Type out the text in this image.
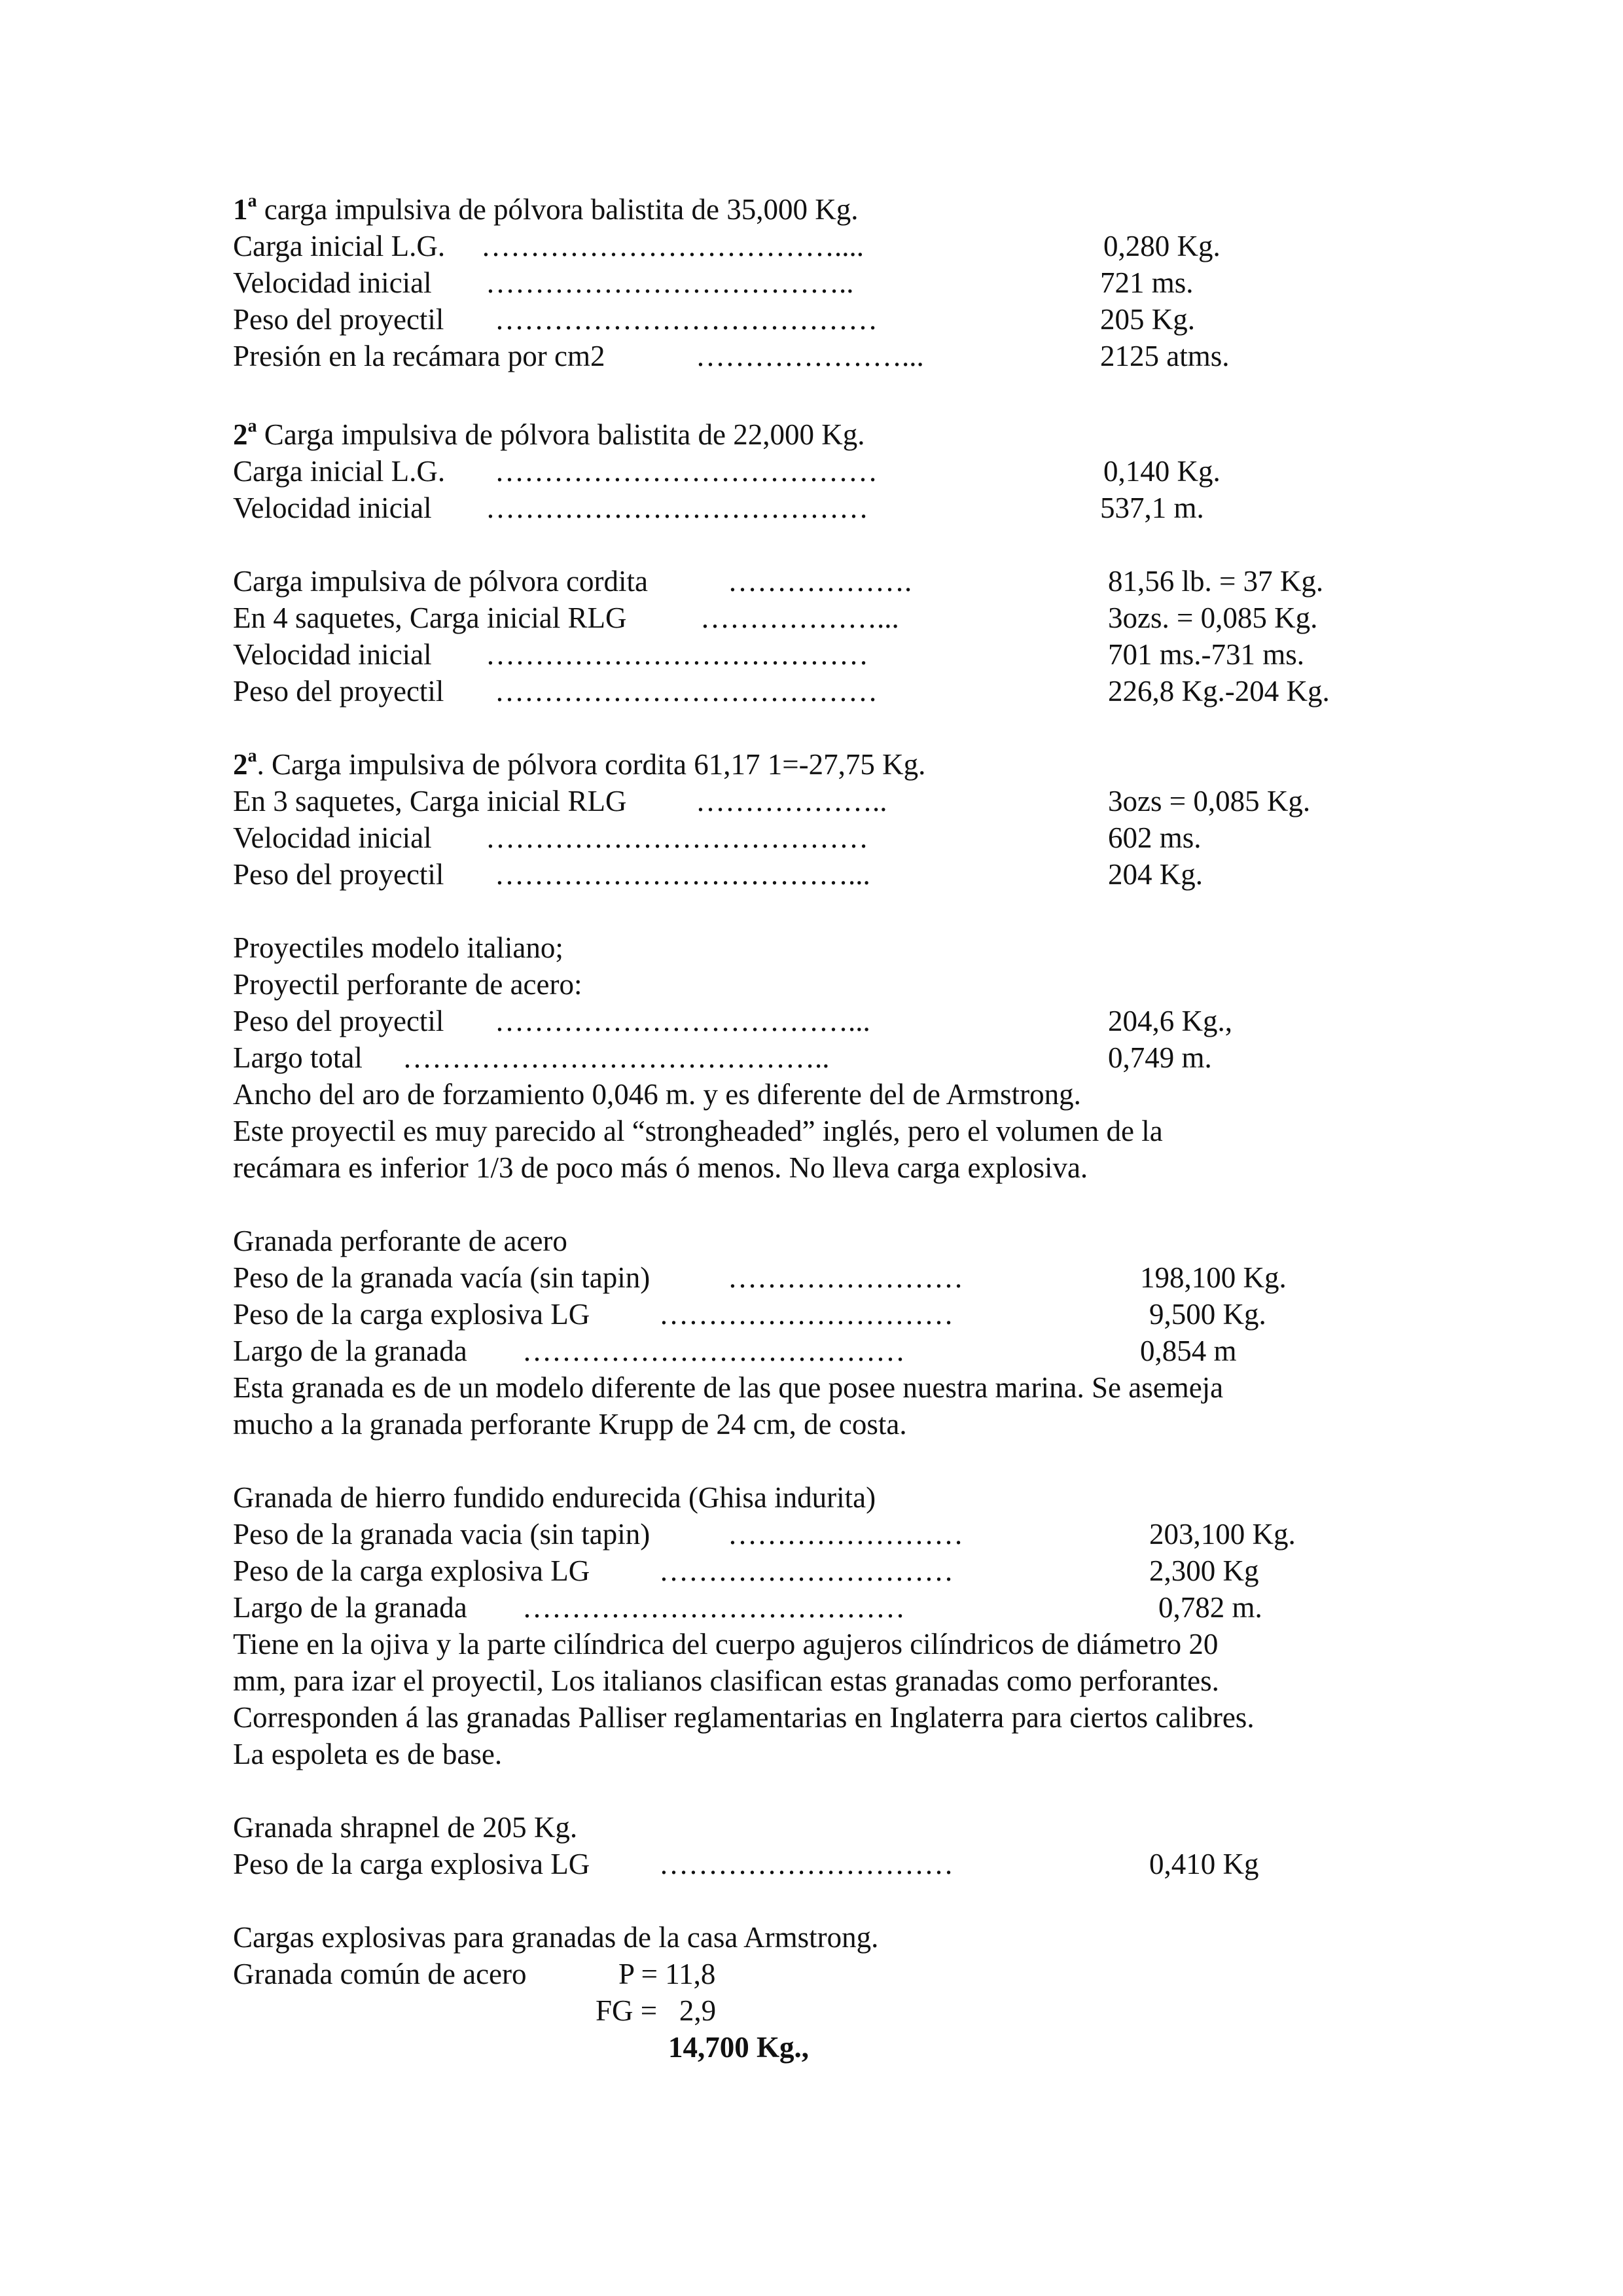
1$^a$ carga impulsiva de pólvora balistita de 35,000 Kg.
Carga inicial L.G. ………………………………....	0,280 Kg.
Velocidad inicial ………………………………..	721 ms.
Peso del proyectil …………………………………	205 Kg.
Presión en la recámara por cm2	…………………...	2125 atms.
2$^a$ Carga impulsiva de pólvora balistita de 22,000 Kg.
Carga inicial L.G. …………………………………	0,140 Kg.
Velocidad inicial …………………………………	537,1 m.
Carga impulsiva de pólvora cordita	……………….	81,56 lb. = 37 Kg.
En 4 saquetes, Carga inicial RLG ………………...	3ozs. = 0,085 Kg.
Velocidad inicial …………………………………	701 ms.-731 ms.
Peso del proyectil …………………………………	226,8 Kg.-204 Kg.
2$^a$. Carga impulsiva de pólvora cordita 61,17 1=-27,75 Kg.
En 3 saquetes, Carga inicial RLG ………………..	3ozs = 0,085 Kg.
Velocidad inicial …………………………………	602 ms.
Peso del proyectil ………………………………...	204 Kg.
Proyectiles modelo italiano;
Proyectil perforante de acero:
Peso del proyectil ………………………………...	204,6 Kg.,
Largo total ……………………………………..	0,749 m.
Ancho del aro de forzamiento 0,046 m. y es diferente del de Armstrong.
Este proyectil es muy parecido al “strongheaded” inglés, pero el volumen de la
recámara es inferior 1/3 de poco más ó menos. No lleva carga explosiva.
Granada perforante de acero
Peso de la granada vacía (sin tapin)	……………………	198,100 Kg.
Peso de la carga explosiva LG …………………………	9,500 Kg.
Largo de la granada …………………………………	0,854 m
Esta granada es de un modelo diferente de las que posee nuestra marina. Se asemeja
mucho a la granada perforante Krupp de 24 cm, de costa.
Granada de hierro fundido endurecida (Ghisa indurita)
Peso de la granada vacia (sin tapin)	……………………	203,100 Kg.
Peso de la carga explosiva LG …………………………	2,300 Kg
Largo de la granada …………………………………	0,782 m.
Tiene en la ojiva y la parte cilíndrica del cuerpo agujeros cilíndricos de diámetro 20
mm, para izar el proyectil, Los italianos clasifican estas granadas como perforantes.
Corresponden á las granadas Palliser reglamentarias en Inglaterra para ciertos calibres.
La espoleta es de base.
Granada shrapnel de 205 Kg.
Peso de la carga explosiva LG …………………………	0,410 Kg
Cargas explosivas para granadas de la casa Armstrong.
Granada común de acero	P = 11,8
FG =   2,9
14,700 Kg.,
